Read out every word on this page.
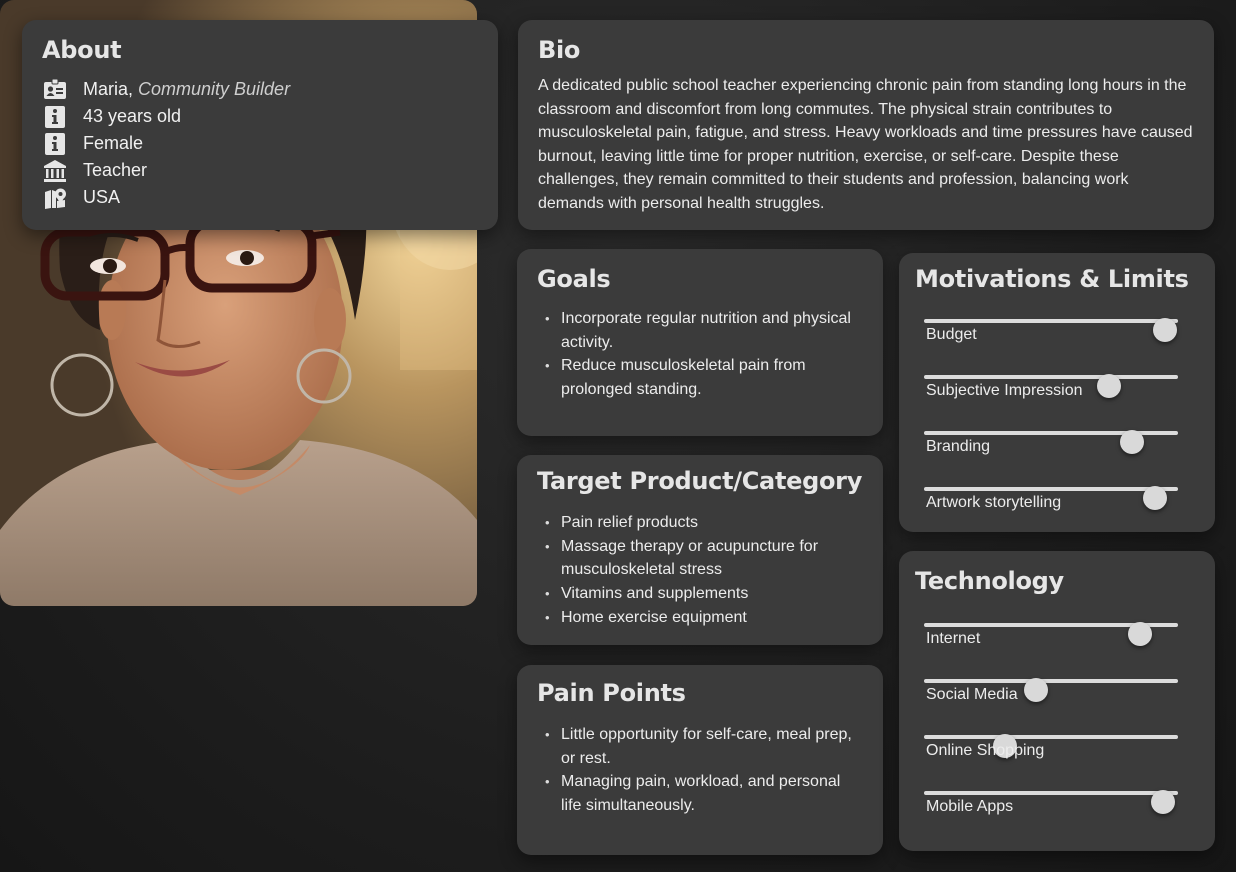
About
Maria, Community Builder
43 years old
Female
Teacher
USA
Bio

A dedicated public school teacher experiencing chronic pain from standing long hours in the classroom and discomfort from long commutes. The physical strain contributes to musculoskeletal pain, fatigue, and stress. Heavy workloads and time pressures have caused burnout, leaving little time for proper nutrition, exercise, or self-care. Despite these challenges, they remain committed to their students and profession, balancing work demands with personal health struggles.

Goals
• Incorporate regular nutrition and physical activity.
• Reduce musculoskeletal pain from prolonged standing.
Target Product/Category
• Pain relief products
• Massage therapy or acupuncture for musculoskeletal stress
• Vitamins and supplements
• Home exercise equipment
Pain Points
• Little opportunity for self-care, meal prep, or rest.
• Managing pain, workload, and personal life simultaneously.
Motivations & Limits
Budget
Subjective Impression
Branding
Artwork storytelling
Technology
Internet
Social Media
Online Shopping
Mobile Apps
